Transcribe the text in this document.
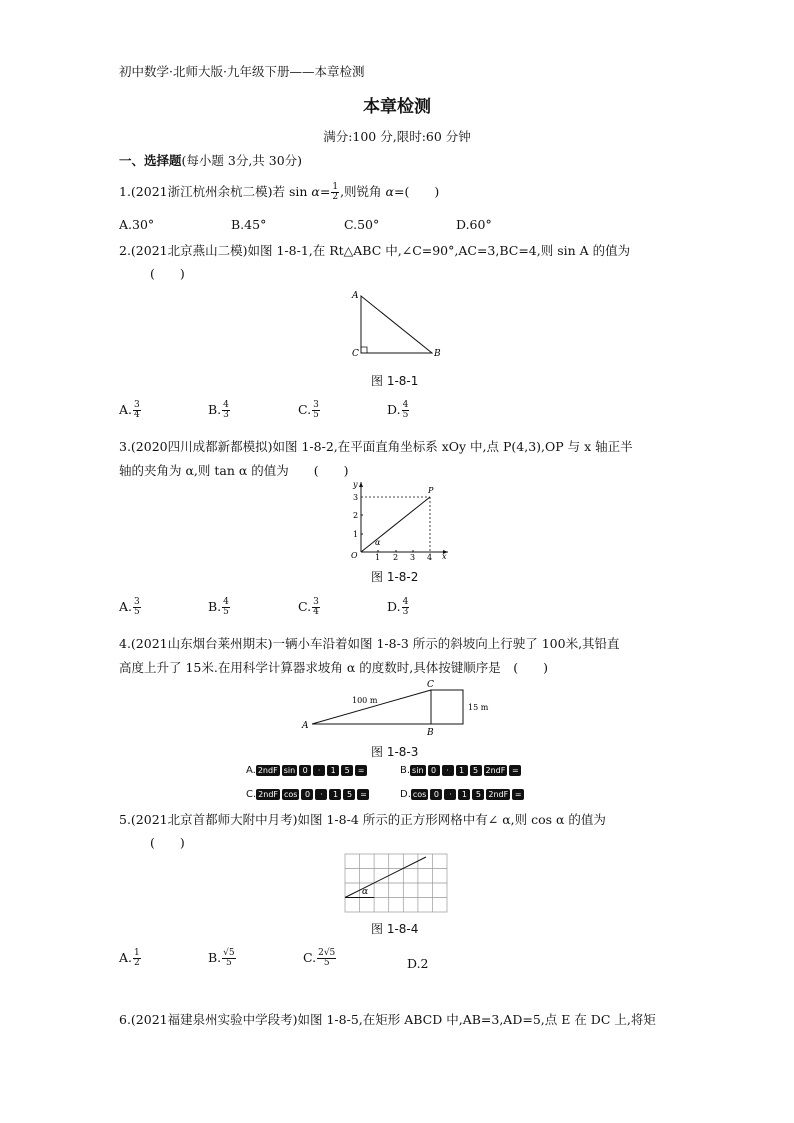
初中数学·北师大版·九年级下册——本章检测
本章检测
满分:100 分,限时:60 分钟
一、选择题(每小题 3分,共 30分)
1.(2021浙江杭州余杭二模)若 $\sin \alpha= \frac{1}{2}$ ,则锐角 α=(　　)
A.30°	B.45°	C.50°	D.60°
2.(2021北京燕山二模)如图 1-8-1,在 Rt△ABC 中,∠C=90°,AC=3,BC=4,则 sin A 的值为
(　　)
A
C	B
图 1-8-1
A. $\frac{3}{4}$	B. $\frac{4}{3}$	C. $\frac{3}{5}$	D. $\frac{4}{5}$
3.(2020四川成都新都模拟)如图 1-8-2,在平面直角坐标系 xOy 中,点 P(4,3),OP 与 x 轴正半
轴的夹角为 α,则 tan α 的值为　　(　　)
y
x
O
P
α
1 2 3 4
1
2
3
图 1-8-2
A. $\frac{3}{5}$	B. $\frac{4}{5}$	C. $\frac{3}{4}$	D. $\frac{4}{3}$
4.(2021山东烟台莱州期末)一辆小车沿着如图 1-8-3 所示的斜坡向上行驶了 100米,其铅直
高度上升了 15米.在用科学计算器求坡角 α 的度数时,具体按键顺序是　(　　)
A
B
C
100 m
15 m
图 1-8-3
A. 2ndF sin 0 · 1 5 =	B. sin 0 · 1 5 2ndF =
C. 2ndF cos 0 · 1 5 =	D. cos 0 · 1 5 2ndF =
5.(2021北京首都师大附中月考)如图 1-8-4 所示的正方形网格中有∠ α,则 cos α 的值为
(　　)
α
图 1-8-4
A. $\frac{1}{2}$	B. $\frac{√5}{5}$	C. $\frac{2√5}{5}$	D.2
6.(2021福建泉州实验中学段考)如图 1-8-5,在矩形 ABCD 中,AB=3,AD=5,点 E 在 DC 上,将矩
